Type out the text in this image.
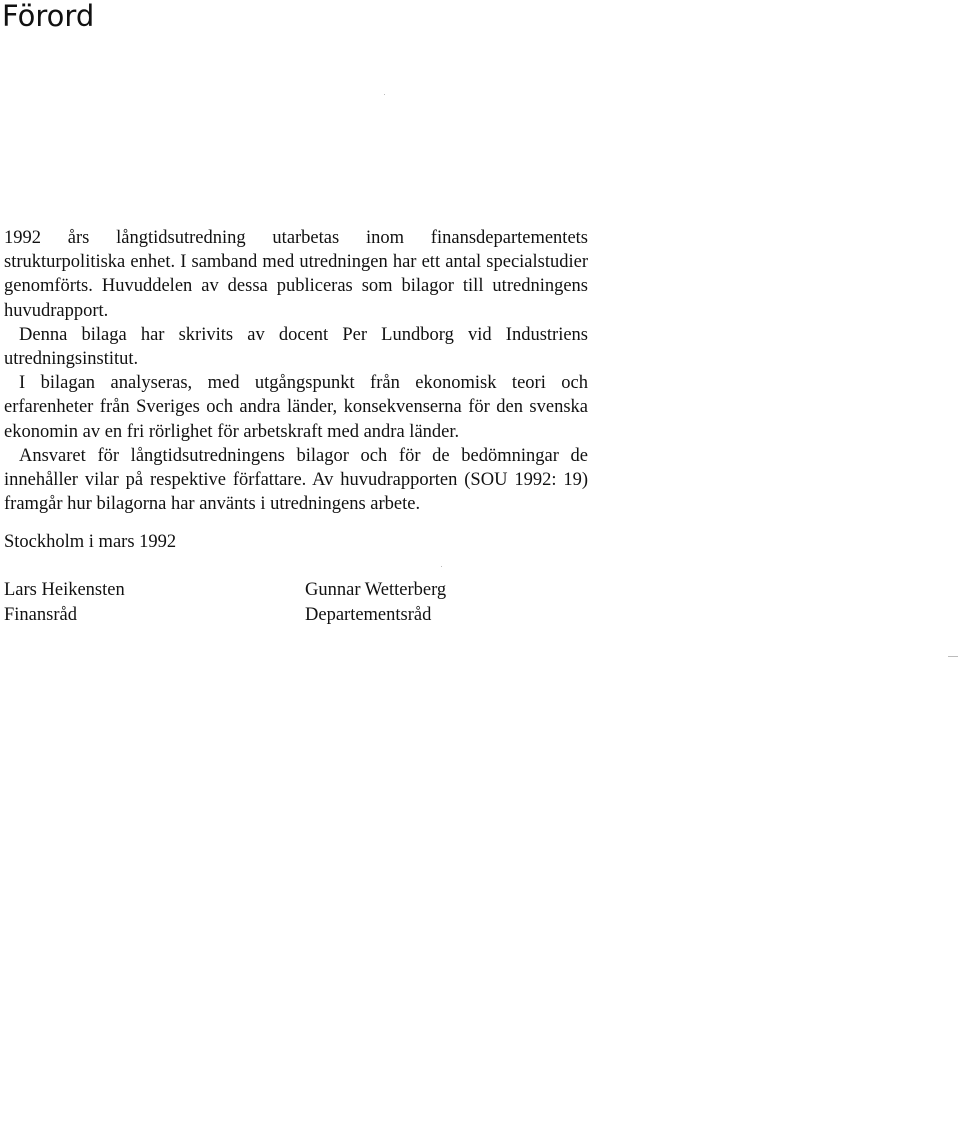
Förord

1992 års långtidsutredning utarbetas inom finansdepartementets strukturpolitiska enhet. I samband med utredningen har ett antal specialstudier genomförts. Huvuddelen av dessa publiceras som bilagor till utredningens huvudrapport.

Denna bilaga har skrivits av docent Per Lundborg vid Industriens utredningsinstitut.

I bilagan analyseras, med utgångspunkt från ekonomisk teori och erfarenheter från Sveriges och andra länder, konsekvenserna för den svenska ekonomin av en fri rörlighet för arbetskraft med andra länder.

Ansvaret för långtidsutredningens bilagor och för de bedömningar de innehåller vilar på respektive författare. Av huvudrapporten (SOU 1992: 19) framgår hur bilagorna har använts i utredningens arbete.

Stockholm i mars 1992

Lars Heikensten
Finansråd
Gunnar Wetterberg
Departementsråd
